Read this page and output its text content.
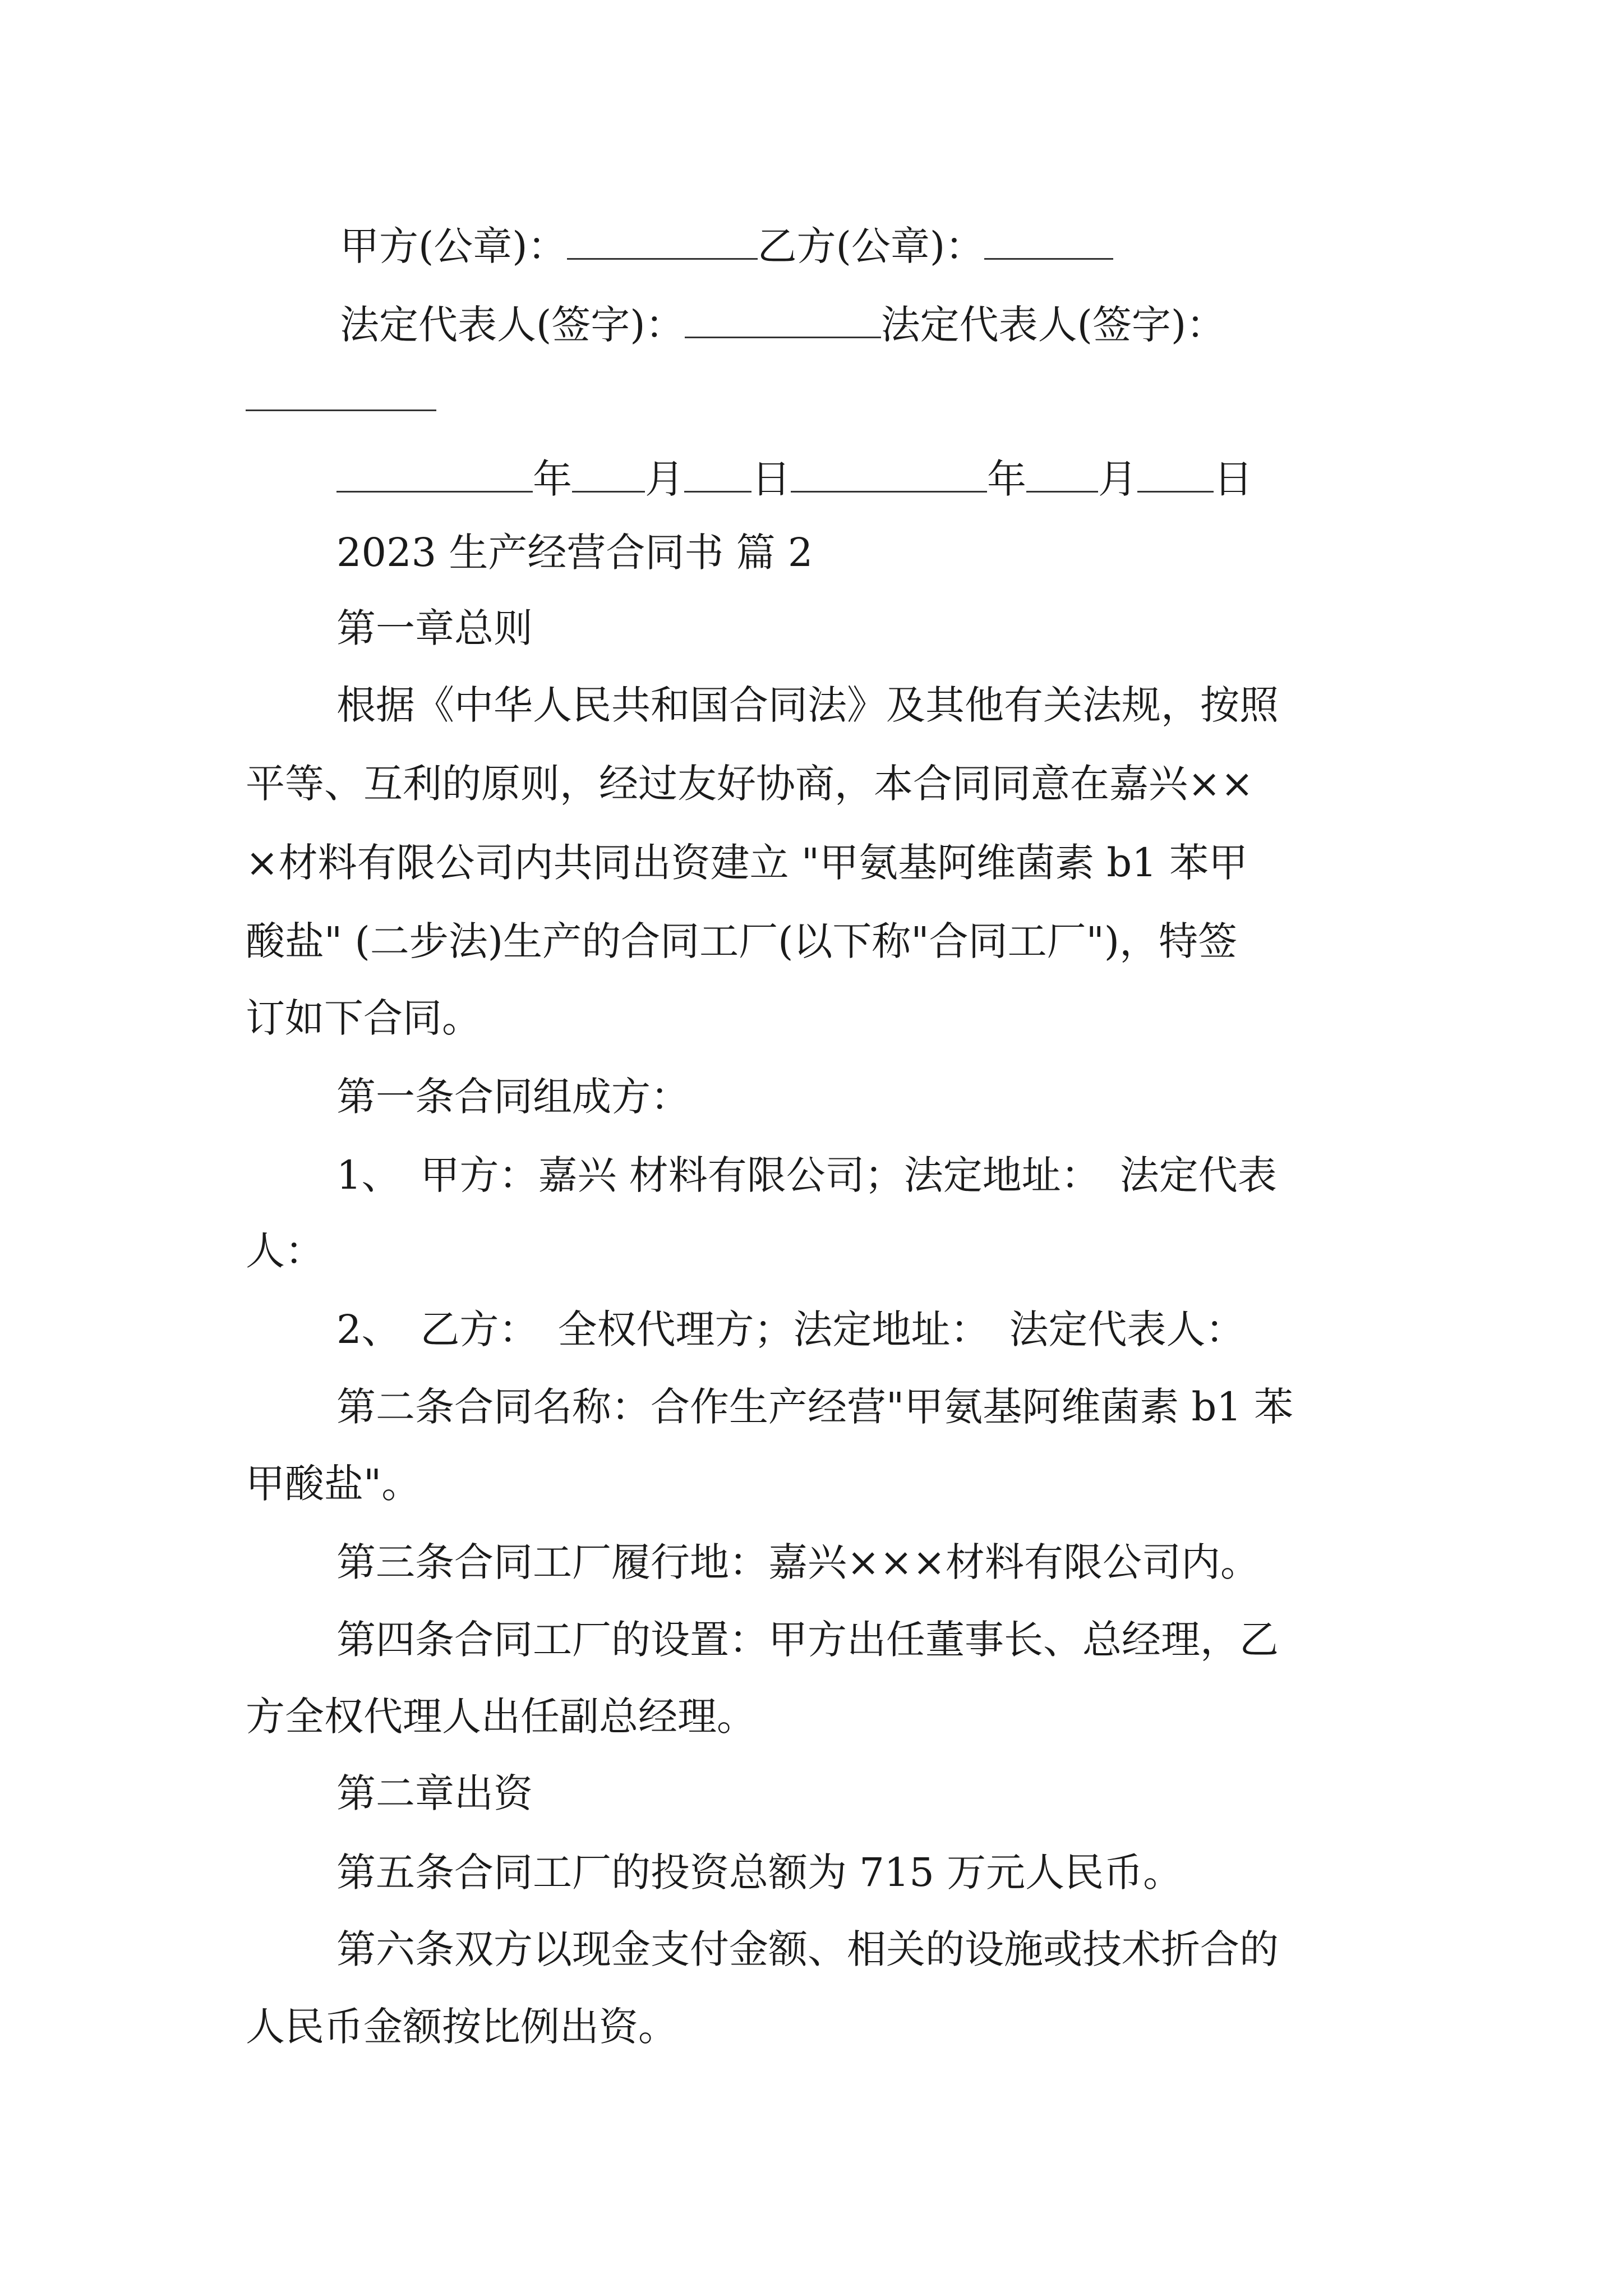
甲方(公章)：	乙方(公章)：
法定代表人(签字)：	法定代表人(签字)：
年 月 日	年 月 日
2023 生产经营合同书 篇 2
第一章总则
根据《中华人民共和国合同法》及其他有关法规，按照
平等、互利的原则，经过友好协商，本合同同意在嘉兴××
×材料有限公司内共同出资建立 "甲氨基阿维菌素 b1 苯甲
酸盐" (二步法)生产的合同工厂(以下称"合同工厂")，特签
订如下合同。
第一条合同组成方：
1、　甲方：嘉兴 材料有限公司；法定地址：　法定代表
人：
2、　乙方：　全权代理方；法定地址：　法定代表人：
第二条合同名称：合作生产经营"甲氨基阿维菌素 b1 苯
甲酸盐"。
第三条合同工厂履行地：嘉兴×××材料有限公司内。
第四条合同工厂的设置：甲方出任董事长、总经理，乙
方全权代理人出任副总经理。
第二章出资
第五条合同工厂的投资总额为 715 万元人民币。
第六条双方以现金支付金额、相关的设施或技术折合的
人民币金额按比例出资。
